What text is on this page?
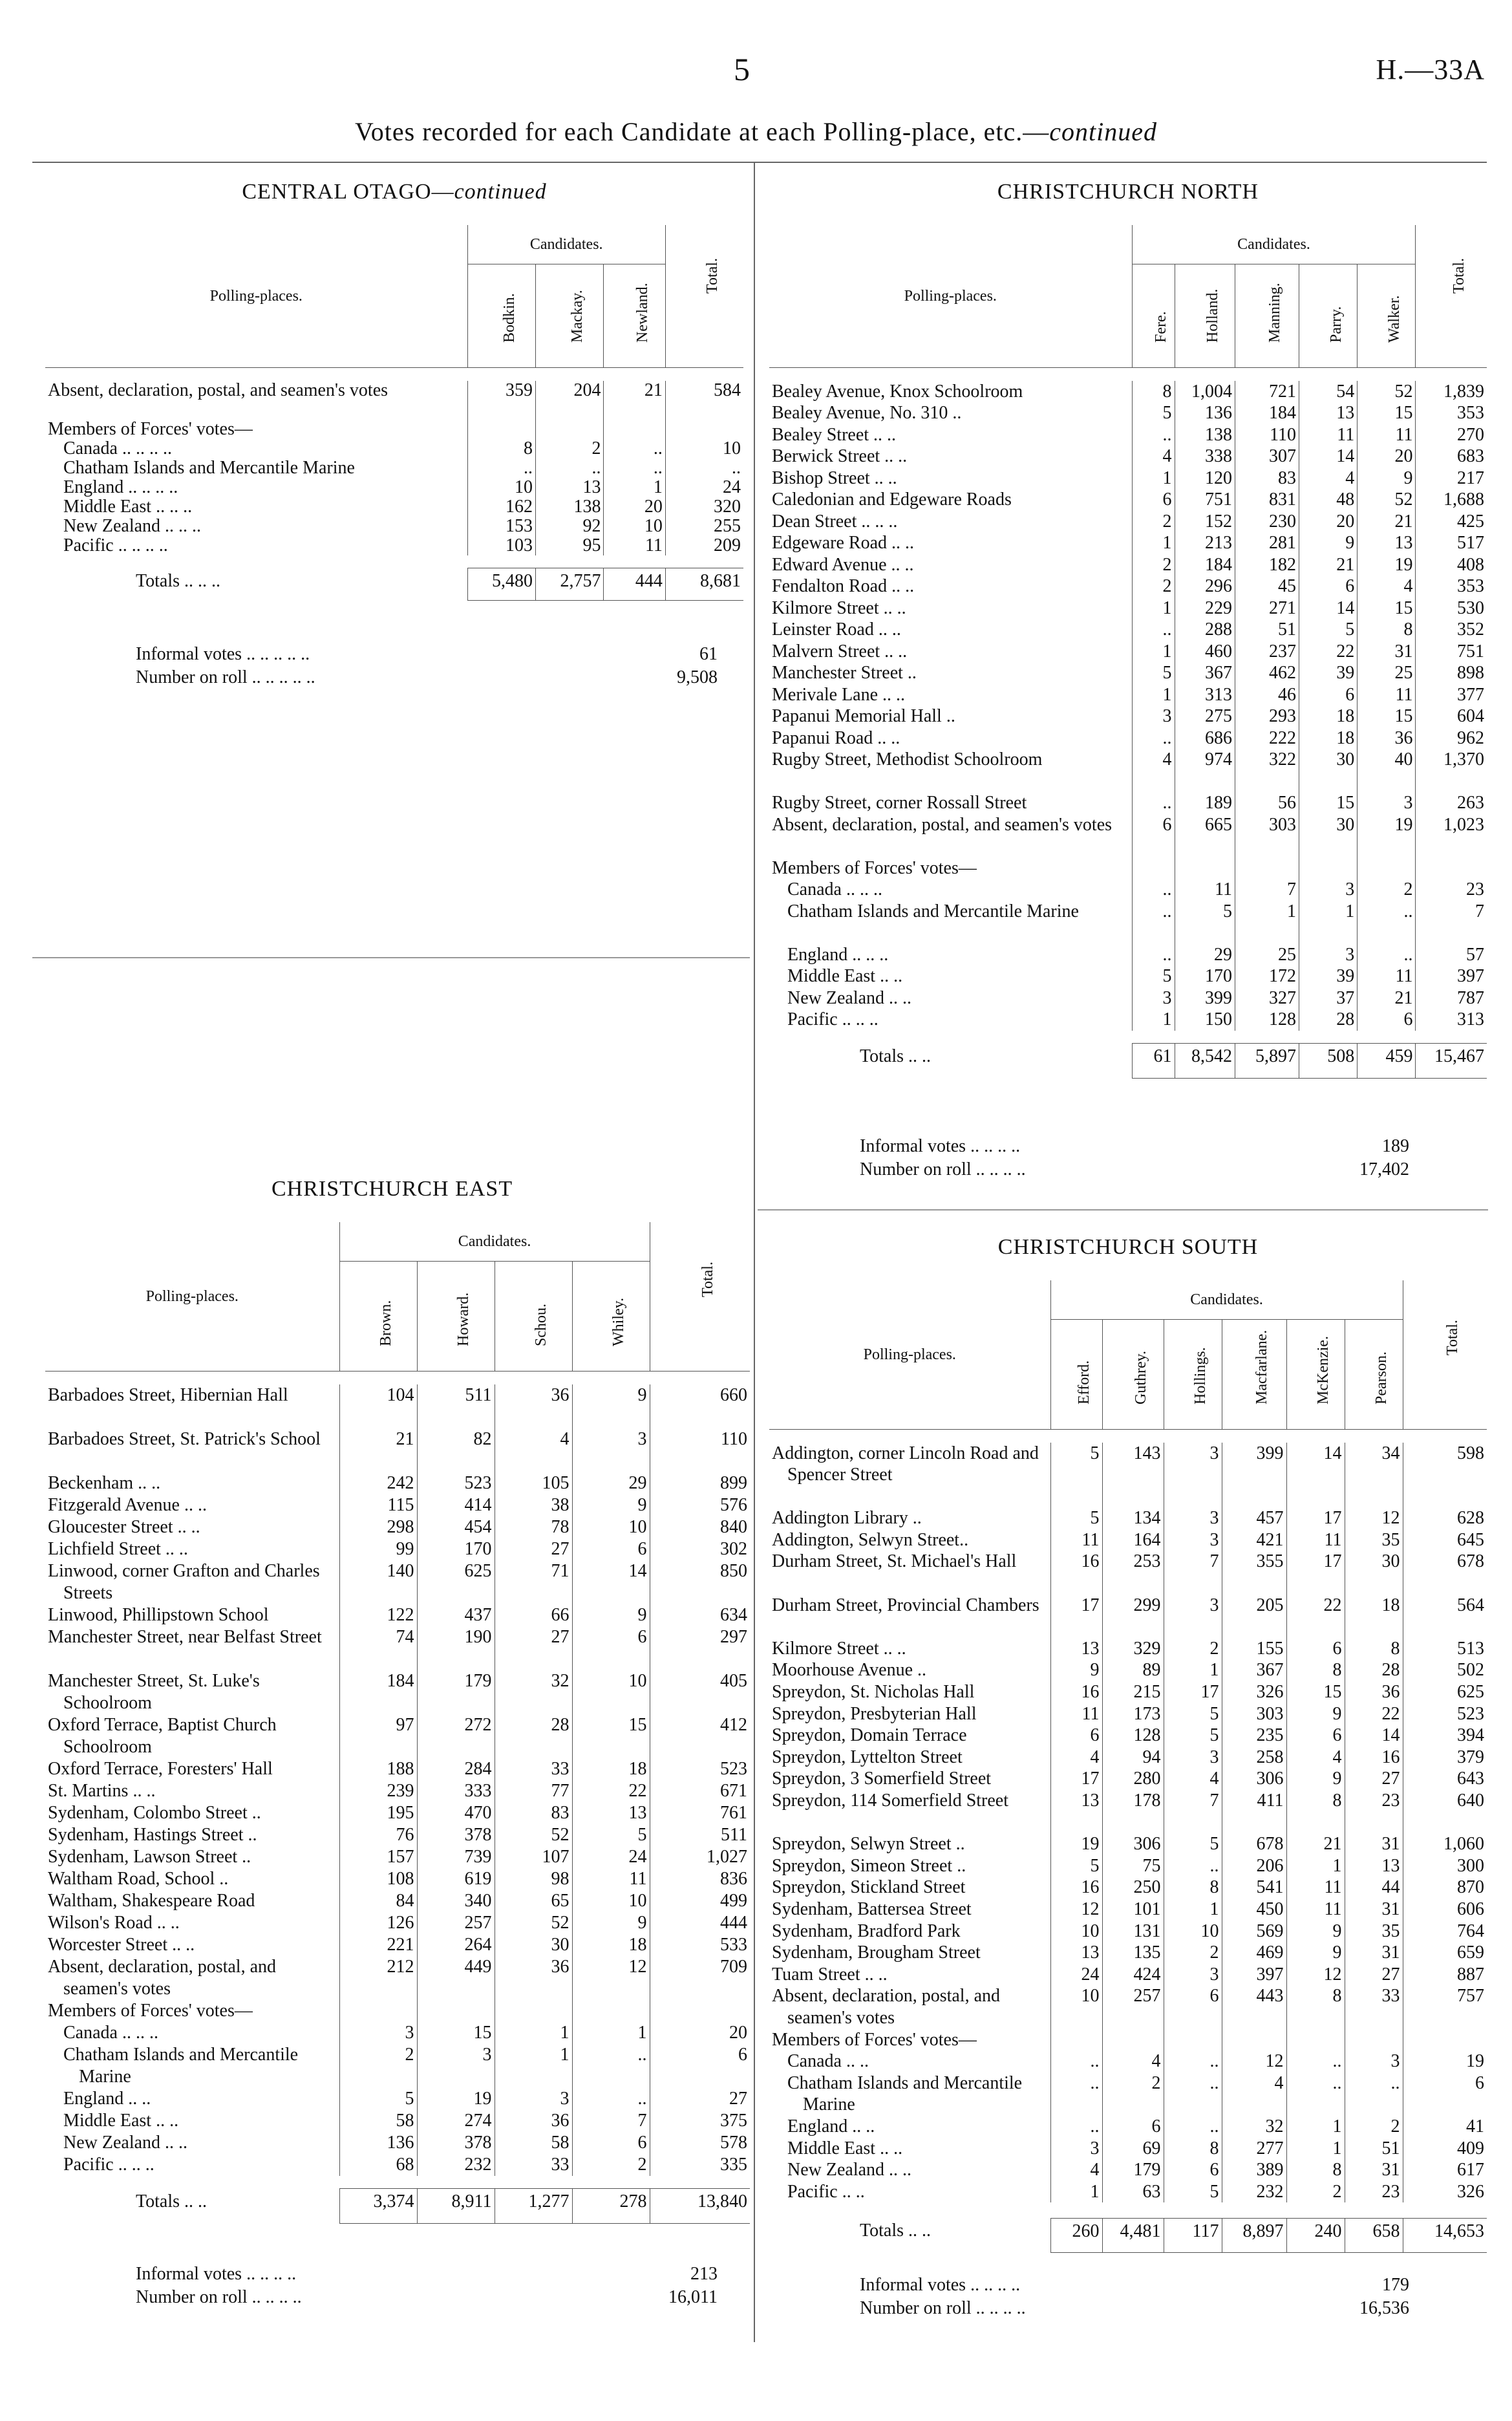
5	H.—33A
Votes recorded for each Candidate at each Polling-place, etc.—continued
CENTRAL OTAGO—continued
Polling-places.	Candidates.			Total.

	Bodkin.	Mackay.	Newland.	

Absent, declaration, postal, and seamen's votes	359	204	21	584
Members of Forces' votes—				
Canada .. .. .. ..	8	2	..	10
Chatham Islands and Mercantile Marine	..	..	..	..
England .. .. .. ..	10	13	1	24
Middle East .. .. ..	162	138	20	320
New Zealand .. .. ..	153	92	10	255
Pacific .. .. .. ..	103	95	11	209

Totals .. .. ..	5,480	2,757	444	8,681
Informal votes .. .. .. .. ..	61
Number on roll .. .. .. .. ..	9,508
CHRISTCHURCH EAST
Polling-places.	Candidates.				Total.

	Brown.	Howard.	Schou.	Whiley.	

Barbadoes Street, Hibernian Hall	104	511	36	9	660
Barbadoes Street, St. Patrick's School	21	82	4	3	110
Beckenham .. ..	242	523	105	29	899
Fitzgerald Avenue .. ..	115	414	38	9	576
Gloucester Street .. ..	298	454	78	10	840
Lichfield Street .. ..	99	170	27	6	302
Linwood, corner Grafton and Charles Streets	140	625	71	14	850
Linwood, Phillipstown School	122	437	66	9	634
Manchester Street, near Belfast Street	74	190	27	6	297
Manchester Street, St. Luke's Schoolroom	184	179	32	10	405
Oxford Terrace, Baptist Church Schoolroom	97	272	28	15	412
Oxford Terrace, Foresters' Hall	188	284	33	18	523
St. Martins .. ..	239	333	77	22	671
Sydenham, Colombo Street ..	195	470	83	13	761
Sydenham, Hastings Street ..	76	378	52	5	511
Sydenham, Lawson Street ..	157	739	107	24	1,027
Waltham Road, School ..	108	619	98	11	836
Waltham, Shakespeare Road	84	340	65	10	499
Wilson's Road .. ..	126	257	52	9	444
Worcester Street .. ..	221	264	30	18	533
Absent, declaration, postal, and seamen's votes	212	449	36	12	709
Members of Forces' votes—					
Canada .. .. ..	3	15	1	1	20
Chatham Islands and Mercantile Marine	2	3	1	..	6
England .. ..	5	19	3	..	27
Middle East .. ..	58	274	36	7	375
New Zealand .. ..	136	378	58	6	578
Pacific .. .. ..	68	232	33	2	335

Totals .. ..	3,374	8,911	1,277	278	13,840
Informal votes .. .. .. ..	213
Number on roll .. .. .. ..	16,011
CHRISTCHURCH NORTH
Polling-places.	Candidates.					Total.

	Fere.	Holland.	Manning.	Parry.	Walker.	

Bealey Avenue, Knox Schoolroom	8	1,004	721	54	52	1,839
Bealey Avenue, No. 310 ..	5	136	184	13	15	353
Bealey Street .. ..	..	138	110	11	11	270
Berwick Street .. ..	4	338	307	14	20	683
Bishop Street .. ..	1	120	83	4	9	217
Caledonian and Edgeware Roads	6	751	831	48	52	1,688
Dean Street .. .. ..	2	152	230	20	21	425
Edgeware Road .. ..	1	213	281	9	13	517
Edward Avenue .. ..	2	184	182	21	19	408
Fendalton Road .. ..	2	296	45	6	4	353
Kilmore Street .. ..	1	229	271	14	15	530
Leinster Road .. ..	..	288	51	5	8	352
Malvern Street .. ..	1	460	237	22	31	751
Manchester Street ..	5	367	462	39	25	898
Merivale Lane .. ..	1	313	46	6	11	377
Papanui Memorial Hall ..	3	275	293	18	15	604
Papanui Road .. ..	..	686	222	18	36	962
Rugby Street, Methodist Schoolroom	4	974	322	30	40	1,370
Rugby Street, corner Rossall Street	..	189	56	15	3	263
Absent, declaration, postal, and seamen's votes	6	665	303	30	19	1,023
Members of Forces' votes—						
Canada .. .. ..	..	11	7	3	2	23
Chatham Islands and Mercantile Marine	..	5	1	1	..	7
England .. .. ..	..	29	25	3	..	57
Middle East .. ..	5	170	172	39	11	397
New Zealand .. ..	3	399	327	37	21	787
Pacific .. .. ..	1	150	128	28	6	313

Totals .. ..	61	8,542	5,897	508	459	15,467
Informal votes .. .. .. ..	189
Number on roll .. .. .. ..	17,402
CHRISTCHURCH SOUTH
Polling-places.	Candidates.						Total.

	Efford.	Guthrey.	Hollings.	Macfarlane.	McKenzie.	Pearson.	

Addington, corner Lincoln Road and Spencer Street	5	143	3	399	14	34	598
Addington Library ..	5	134	3	457	17	12	628
Addington, Selwyn Street..	11	164	3	421	11	35	645
Durham Street, St. Michael's Hall	16	253	7	355	17	30	678
Durham Street, Provincial Chambers	17	299	3	205	22	18	564
Kilmore Street .. ..	13	329	2	155	6	8	513
Moorhouse Avenue ..	9	89	1	367	8	28	502
Spreydon, St. Nicholas Hall	16	215	17	326	15	36	625
Spreydon, Presbyterian Hall	11	173	5	303	9	22	523
Spreydon, Domain Terrace	6	128	5	235	6	14	394
Spreydon, Lyttelton Street	4	94	3	258	4	16	379
Spreydon, 3 Somerfield Street	17	280	4	306	9	27	643
Spreydon, 114 Somerfield Street	13	178	7	411	8	23	640
Spreydon, Selwyn Street ..	19	306	5	678	21	31	1,060
Spreydon, Simeon Street ..	5	75	..	206	1	13	300
Spreydon, Stickland Street	16	250	8	541	11	44	870
Sydenham, Battersea Street	12	101	1	450	11	31	606
Sydenham, Bradford Park	10	131	10	569	9	35	764
Sydenham, Brougham Street	13	135	2	469	9	31	659
Tuam Street .. ..	24	424	3	397	12	27	887
Absent, declaration, postal, and seamen's votes	10	257	6	443	8	33	757
Members of Forces' votes—							
Canada .. ..	..	4	..	12	..	3	19
Chatham Islands and Mercantile Marine	..	2	..	4	..	..	6
England .. ..	..	6	..	32	1	2	41
Middle East .. ..	3	69	8	277	1	51	409
New Zealand .. ..	4	179	6	389	8	31	617
Pacific .. ..	1	63	5	232	2	23	326

Totals .. ..	260	4,481	117	8,897	240	658	14,653
Informal votes .. .. .. ..	179
Number on roll .. .. .. ..	16,536
